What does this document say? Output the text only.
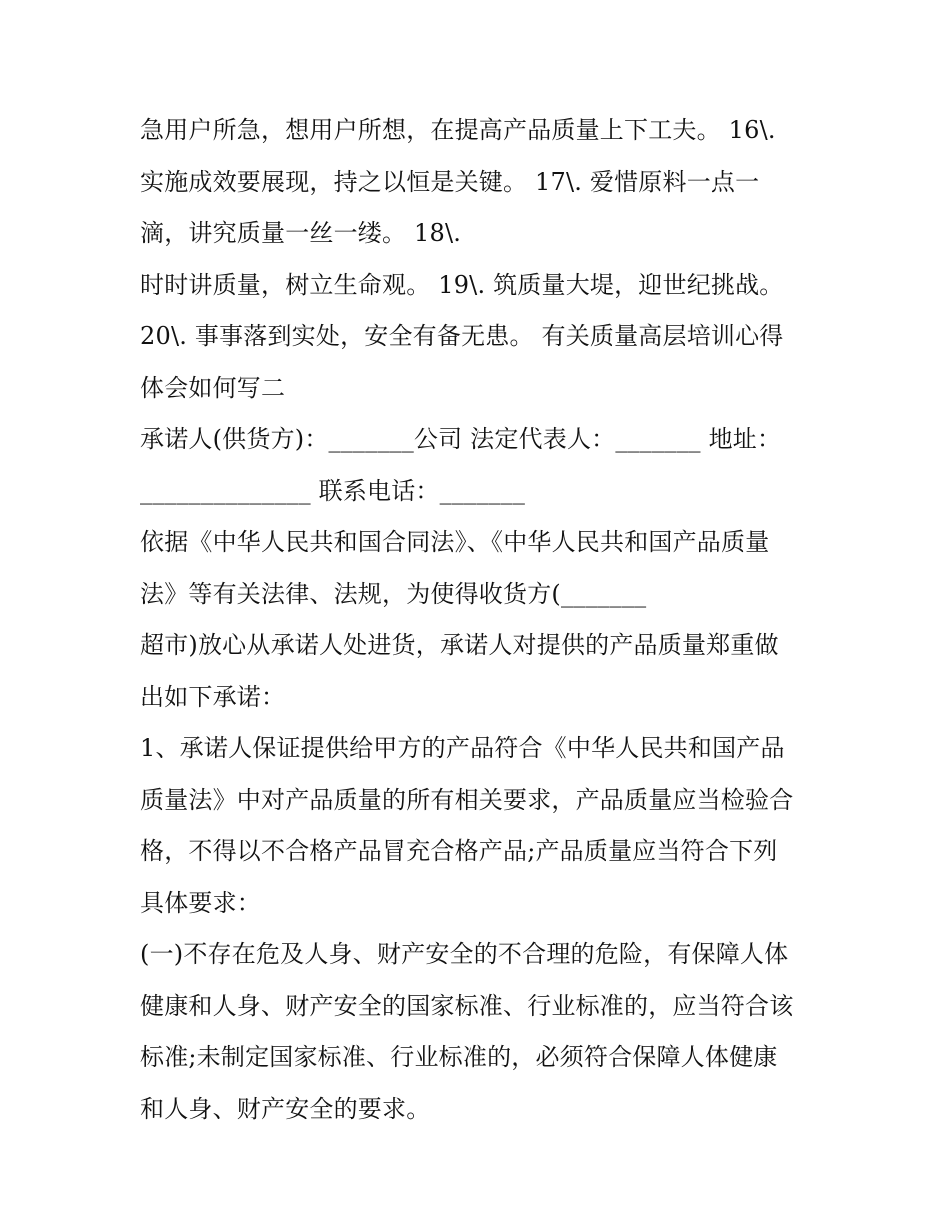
急用户所急，想用户所想，在提高产品质量上下工夫。 16\.
实施成效要展现，持之以恒是关键。 17\. 爱惜原料一点一
滴，讲究质量一丝一缕。 18\.
时时讲质量，树立生命观。 19\. 筑质量大堤，迎世纪挑战。
20\. 事事落到实处，安全有备无患。 有关质量高层培训心得
体会如何写二
承诺人(供货方)：_______公司 法定代表人：_______ 地址：
______________ 联系电话：_______
依据《中华人民共和国合同法》、《中华人民共和国产品质量
法》等有关法律、法规，为使得收货方(_______
超市)放心从承诺人处进货，承诺人对提供的产品质量郑重做
出如下承诺：
1、承诺人保证提供给甲方的产品符合《中华人民共和国产品
质量法》中对产品质量的所有相关要求，产品质量应当检验合
格，不得以不合格产品冒充合格产品;产品质量应当符合下列
具体要求：
(一)不存在危及人身、财产安全的不合理的危险，有保障人体
健康和人身、财产安全的国家标准、行业标准的，应当符合该
标准;未制定国家标准、行业标准的，必须符合保障人体健康
和人身、财产安全的要求。
